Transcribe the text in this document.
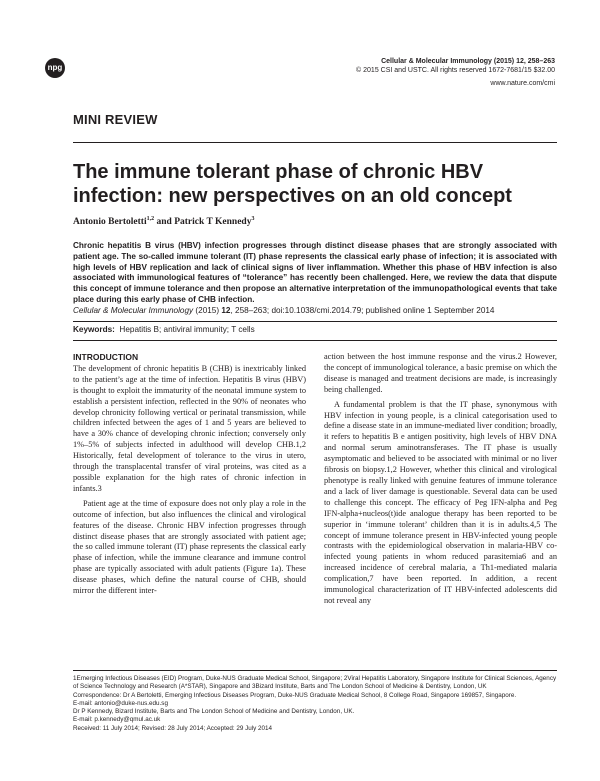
npg
Cellular & Molecular Immunology (2015) 12, 258–263
© 2015 CSI and USTC. All rights reserved 1672-7681/15 $32.00
www.nature.com/cmi
MINI REVIEW
The immune tolerant phase of chronic HBV infection: new perspectives on an old concept
Antonio Bertoletti$^{1,2}$ and Patrick T Kennedy$^3$
Chronic hepatitis B virus (HBV) infection progresses through distinct disease phases that are strongly associated with patient age. The so-called immune tolerant (IT) phase represents the classical early phase of infection; it is associated with high levels of HBV replication and lack of clinical signs of liver inflammation. Whether this phase of HBV infection is also associated with immunological features of “tolerance” has recently been challenged. Here, we review the data that dispute this concept of immune tolerance and then propose an alternative interpretation of the immunopathological events that take place during this early phase of CHB infection.
Cellular & Molecular Immunology (2015) 12, 258–263; doi:10.1038/cmi.2014.79; published online 1 September 2014
Keywords: Hepatitis B; antiviral immunity; T cells
INTRODUCTION

The development of chronic hepatitis B (CHB) is inextricably linked to the patient’s age at the time of infection. Hepatitis B virus (HBV) is thought to exploit the immaturity of the neonatal immune system to establish a persistent infection, reflected in the 90% of neonates who develop chronicity following vertical or perinatal transmission, while children infected between the ages of 1 and 5 years are believed to have a 30% chance of developing chronic infection; conversely only 1%–5% of subjects infected in adulthood will develop CHB.1,2 Historically, fetal development of tolerance to the virus in utero, through the transplacental transfer of viral proteins, was cited as a possible explanation for the high rates of chronic infection in infants.3

Patient age at the time of exposure does not only play a role in the outcome of infection, but also influences the clinical and virological features of the disease. Chronic HBV infection progresses through distinct disease phases that are strongly associated with patient age; the so called immune tolerant (IT) phase represents the classical early phase of infection, while the immune clearance and immune control phase are typically associated with adult patients (Figure 1a). These disease phases, which define the natural course of CHB, should mirror the different inter-

action between the host immune response and the virus.2 However, the concept of immunological tolerance, a basic premise on which the disease is managed and treatment decisions are made, is increasingly being challenged.

A fundamental problem is that the IT phase, synonymous with HBV infection in young people, is a clinical categorisation used to define a disease state in an immune-mediated liver condition; broadly, it refers to hepatitis B e antigen positivity, high levels of HBV DNA and normal serum aminotransferases. The IT phase is usually asymptomatic and believed to be associated with minimal or no liver fibrosis on biopsy.1,2 However, whether this clinical and virological phenotype is really linked with genuine features of immune tolerance and a lack of liver damage is questionable. Several data can be used to challenge this concept. The efficacy of Peg IFN-alpha and Peg IFN-alpha+nucleos(t)ide analogue therapy has been reported to be superior in ‘immune tolerant’ children than it is in adults.4,5 The concept of immune tolerance present in HBV-infected young people contrasts with the epidemiological observation in malaria-HBV co-infected young patients in whom reduced parasitemia6 and an increased incidence of cerebral malaria, a Th1-mediated malaria complication,7 have been reported. In addition, a recent immunological characterization of IT HBV-infected adolescents did not reveal any

1Emerging Infectious Diseases (EID) Program, Duke-NUS Graduate Medical School, Singapore; 2Viral Hepatitis Laboratory, Singapore Institute for Clinical Sciences, Agency of Science Technology and Research (A*STAR), Singapore and 3Bizard Institute, Barts and The London School of Medicine & Dentistry, London, UK

Correspondence: Dr A Bertoletti, Emerging Infectious Diseases Program, Duke-NUS Graduate Medical School, 8 College Road, Singapore 169857, Singapore.

E-mail: antonio@duke-nus.edu.sg

Dr P Kennedy, Bizard Institute, Barts and The London School of Medicine and Dentistry, London, UK.

E-mail: p.kennedy@qmul.ac.uk

Received: 11 July 2014; Revised: 28 July 2014; Accepted: 29 July 2014
